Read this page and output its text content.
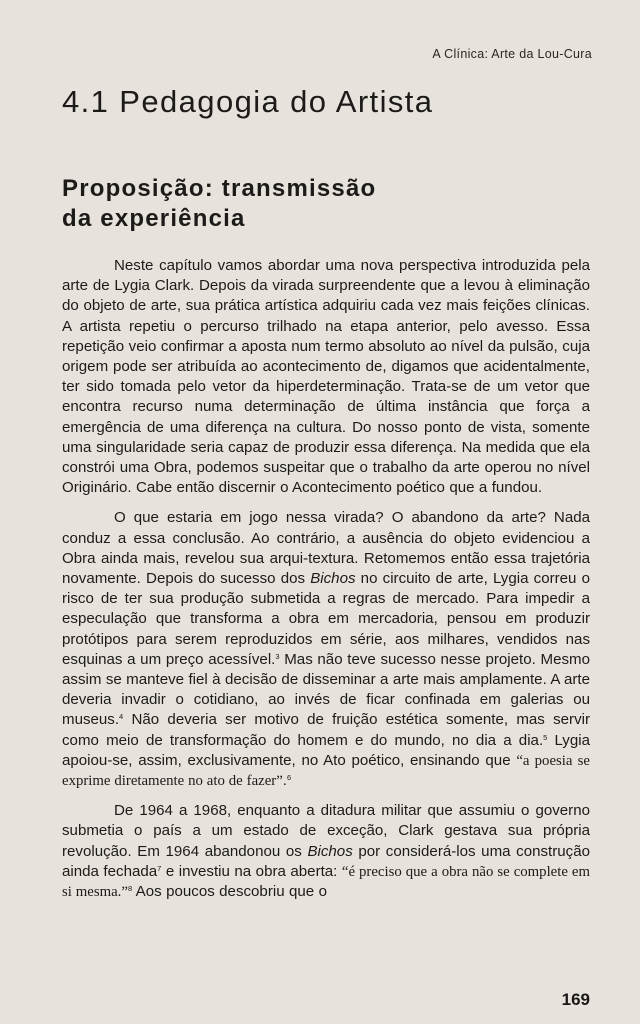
A Clínica: Arte da Lou-Cura
4.1 Pedagogia do Artista
Proposição: transmissão
da experiência

Neste capítulo vamos abordar uma nova perspectiva introduzida pela arte de Lygia Clark. Depois da virada surpreendente que a levou à eliminação do objeto de arte, sua prática artística adquiriu cada vez mais feições clínicas. A artista repetiu o percurso trilhado na etapa anterior, pelo avesso. Essa repetição veio confirmar a aposta num termo absoluto ao nível da pulsão, cuja origem pode ser atribuída ao acontecimento de, digamos que acidentalmente, ter sido tomada pelo vetor da hiperdeterminação. Trata-se de um vetor que encontra recurso numa determinação de última instância que força a emergência de uma diferença na cultura. Do nosso ponto de vista, somente uma singularidade seria capaz de produzir essa diferença. Na medida que ela constrói uma Obra, podemos suspeitar que o trabalho da arte operou no nível Originário. Cabe então discernir o Acontecimento poético que a fundou.

O que estaria em jogo nessa virada? O abandono da arte? Nada conduz a essa conclusão. Ao contrário, a ausência do objeto evidenciou a Obra ainda mais, revelou sua arqui-textura. Retomemos então essa trajetória novamente. Depois do sucesso dos Bichos no circuito de arte, Lygia correu o risco de ter sua produção submetida a regras de mercado. Para impedir a especulação que transforma a obra em mercadoria, pensou em produzir protótipos para serem reproduzidos em série, aos milhares, vendidos nas esquinas a um preço acessível.$^3$ Mas não teve sucesso nesse projeto. Mesmo assim se manteve fiel à decisão de disseminar a arte mais amplamente. A arte deveria invadir o cotidiano, ao invés de ficar confinada em galerias ou museus.$^4$ Não deveria ser motivo de fruição estética somente, mas servir como meio de transformação do homem e do mundo, no dia a dia.$^5$ Lygia apoiou-se, assim, exclusivamente, no Ato poético, ensinando que “a poesia se exprime diretamente no ato de fazer”.$^6$

De 1964 a 1968, enquanto a ditadura militar que assumiu o governo submetia o país a um estado de exceção, Clark gestava sua própria revolução. Em 1964 abandonou os Bichos por considerá-los uma construção ainda fechada$^7$ e investiu na obra aberta: “é preciso que a obra não se complete em si mesma.”$^8$ Aos poucos descobriu que o

169
